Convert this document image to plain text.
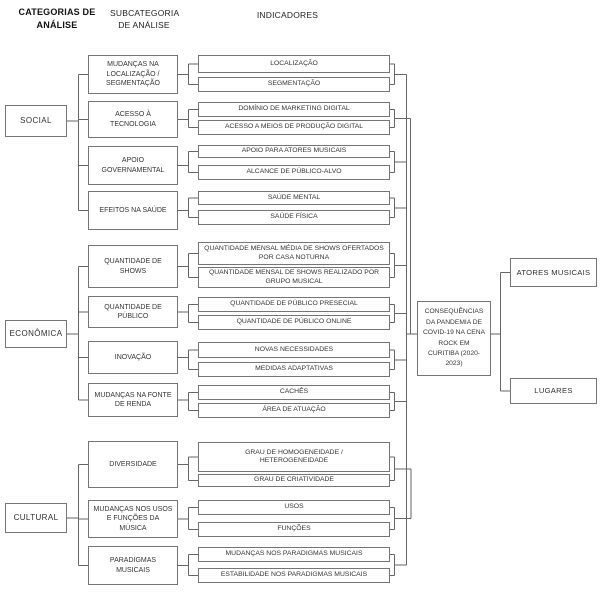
CATEGORIAS DE ANÁLISE
SUBCATEGORIA DE ANÁLISE
INDICADORES
SOCIAL
ECONÔMICA
CULTURAL
MUDANÇAS NA LOCALIZAÇÃO / SEGMENTAÇÃO
ACESSO À TECNOLOGIA
APOIO GOVERNAMENTAL
EFEITOS NA SAÚDE
QUANTIDADE DE SHOWS
QUANTIDADE DE PÚBLICO
INOVAÇÃO
MUDANÇAS NA FONTE DE RENDA
DIVERSIDADE
MUDANÇAS NOS USOS E FUNÇÕES DA MÚSICA
PARADIGMAS MUSICAIS
LOCALIZAÇÃO
SEGMENTAÇÃO
DOMÍNIO DE MARKETING DIGITAL
ACESSO A MEIOS DE PRODUÇÃO DIGITAL
APOIO PARA ATORES MUSICAIS
ALCANCE DE PÚBLICO-ALVO
SAÚDE MENTAL
SAÚDE FÍSICA
QUANTIDADE MENSAL MÉDIA DE SHOWS OFERTADOS POR CASA NOTURNA
QUANTIDADE MENSAL DE SHOWS REALIZADO POR GRUPO MUSICAL
QUANTIDADE DE PÚBLICO PRESECIAL
QUANTIDADE DE PÚBLICO ONLINE
NOVAS NECESSIDADES
MEDIDAS ADAPTATIVAS
CACHÊS
ÁREA DE ATUAÇÃO
GRAU DE HOMOGENEIDADE / HETEROGENEIDADE
GRAU DE CRIATIVIDADE
USOS
FUNÇÕES
MUDANÇAS NOS PARADIGMAS MUSICAIS
ESTABILIDADE NOS PARADIGMAS MUSICAIS
CONSEQUÊNCIAS DA PANDEMIA DE COVID-19 NA CENA ROCK EM CURITIBA (2020-2023)
ATORES MUSICAIS
LUGARES
